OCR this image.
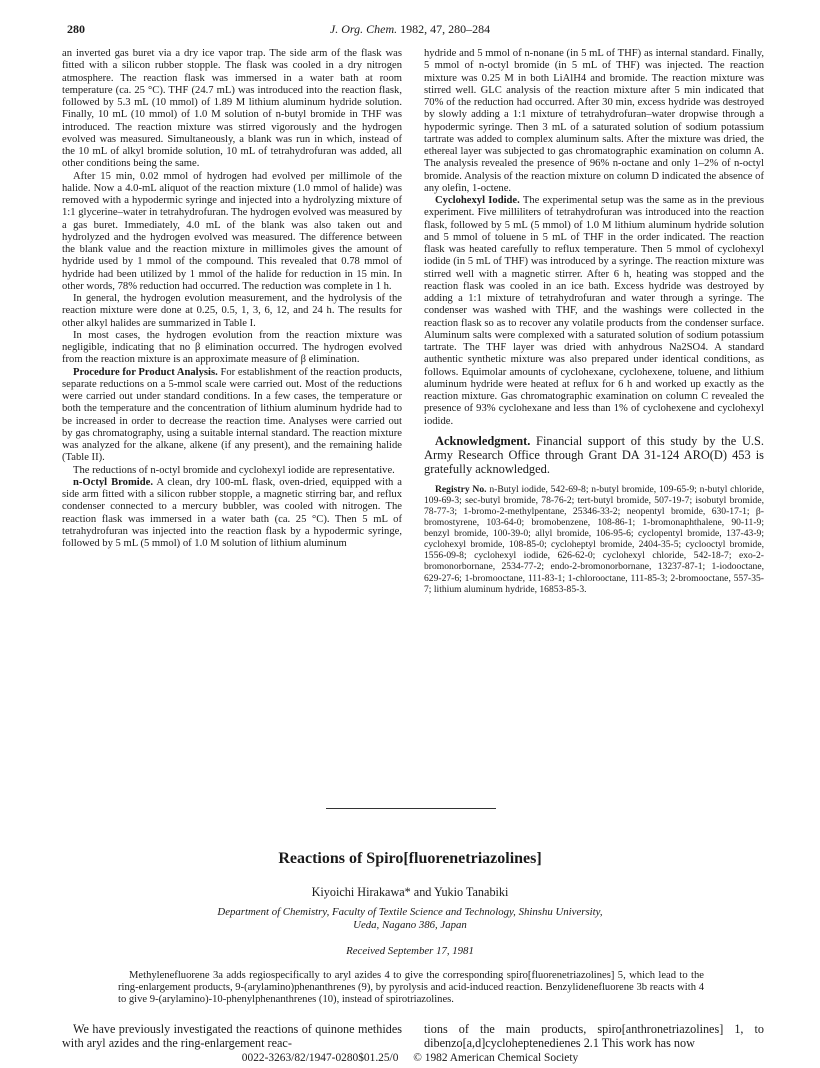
280	J. Org. Chem. 1982, 47, 280–284

an inverted gas buret via a dry ice vapor trap. The side arm of the flask was fitted with a silicon rubber stopple. The flask was cooled in a dry nitrogen atmosphere. The reaction flask was immersed in a water bath at room temperature (ca. 25 °C). THF (24.7 mL) was introduced into the reaction flask, followed by 5.3 mL (10 mmol) of 1.89 M lithium aluminum hydride solution. Finally, 10 mL (10 mmol) of 1.0 M solution of n-butyl bromide in THF was introduced. The reaction mixture was stirred vigorously and the hydrogen evolved was measured. Simultaneously, a blank was run in which, instead of the 10 mL of alkyl bromide solution, 10 mL of tetrahydrofuran was added, all other conditions being the same.

After 15 min, 0.02 mmol of hydrogen had evolved per millimole of the halide. Now a 4.0-mL aliquot of the reaction mixture (1.0 mmol of halide) was removed with a hypodermic syringe and injected into a hydrolyzing mixture of 1:1 glycerine–water in tetrahydrofuran. The hydrogen evolved was measured by a gas buret. Immediately, 4.0 mL of the blank was also taken out and hydrolyzed and the hydrogen evolved was measured. The difference between the blank value and the reaction mixture in millimoles gives the amount of hydride used by 1 mmol of the compound. This revealed that 0.78 mmol of hydride had been utilized by 1 mmol of the halide for reduction in 15 min. In other words, 78% reduction had occurred. The reduction was complete in 1 h.

In general, the hydrogen evolution measurement, and the hydrolysis of the reaction mixture were done at 0.25, 0.5, 1, 3, 6, 12, and 24 h. The results for other alkyl halides are summarized in Table I.

In most cases, the hydrogen evolution from the reaction mixture was negligible, indicating that no β elimination occurred. The hydrogen evolved from the reaction mixture is an approximate measure of β elimination.

Procedure for Product Analysis. For establishment of the reaction products, separate reductions on a 5-mmol scale were carried out. Most of the reductions were carried out under standard conditions. In a few cases, the temperature or both the temperature and the concentration of lithium aluminum hydride had to be increased in order to decrease the reaction time. Analyses were carried out by gas chromatography, using a suitable internal standard. The reaction mixture was analyzed for the alkane, alkene (if any present), and the remaining halide (Table II).

The reductions of n-octyl bromide and cyclohexyl iodide are representative.

n-Octyl Bromide. A clean, dry 100-mL flask, oven-dried, equipped with a side arm fitted with a silicon rubber stopple, a magnetic stirring bar, and reflux condenser connected to a mercury bubbler, was cooled with nitrogen. The reaction flask was immersed in a water bath (ca. 25 °C). Then 5 mL of tetrahydrofuran was injected into the reaction flask by a hypodermic syringe, followed by 5 mL (5 mmol) of 1.0 M solution of lithium aluminum

hydride and 5 mmol of n-nonane (in 5 mL of THF) as internal standard. Finally, 5 mmol of n-octyl bromide (in 5 mL of THF) was injected. The reaction mixture was 0.25 M in both LiAlH4 and bromide. The reaction mixture was stirred well. GLC analysis of the reaction mixture after 5 min indicated that 70% of the reduction had occurred. After 30 min, excess hydride was destroyed by slowly adding a 1:1 mixture of tetrahydrofuran–water dropwise through a hypodermic syringe. Then 3 mL of a saturated solution of sodium potassium tartrate was added to complex aluminum salts. After the mixture was dried, the ethereal layer was subjected to gas chromatographic examination on column A. The analysis revealed the presence of 96% n-octane and only 1–2% of n-octyl bromide. Analysis of the reaction mixture on column D indicated the absence of any olefin, 1-octene.

Cyclohexyl Iodide. The experimental setup was the same as in the previous experiment. Five milliliters of tetrahydrofuran was introduced into the reaction flask, followed by 5 mL (5 mmol) of 1.0 M lithium aluminum hydride solution and 5 mmol of toluene in 5 mL of THF in the order indicated. The reaction flask was heated carefully to reflux temperature. Then 5 mmol of cyclohexyl iodide (in 5 mL of THF) was introduced by a syringe. The reaction mixture was stirred well with a magnetic stirrer. After 6 h, heating was stopped and the reaction flask was cooled in an ice bath. Excess hydride was destroyed by adding a 1:1 mixture of tetrahydrofuran and water through a syringe. The condenser was washed with THF, and the washings were collected in the reaction flask so as to recover any volatile products from the condenser surface. Aluminum salts were complexed with a saturated solution of sodium potassium tartrate. The THF layer was dried with anhydrous Na2SO4. A standard authentic synthetic mixture was also prepared under identical conditions, as follows. Equimolar amounts of cyclohexane, cyclohexene, toluene, and lithium aluminum hydride were heated at reflux for 6 h and worked up exactly as the reaction mixture. Gas chromatographic examination on column C revealed the presence of 93% cyclohexane and less than 1% of cyclohexene and cyclohexyl iodide.

Acknowledgment. Financial support of this study by the U.S. Army Research Office through Grant DA 31-124 ARO(D) 453 is gratefully acknowledged.

Registry No. n-Butyl iodide, 542-69-8; n-butyl bromide, 109-65-9; n-butyl chloride, 109-69-3; sec-butyl bromide, 78-76-2; tert-butyl bromide, 507-19-7; isobutyl bromide, 78-77-3; 1-bromo-2-methylpentane, 25346-33-2; neopentyl bromide, 630-17-1; β-bromostyrene, 103-64-0; bromobenzene, 108-86-1; 1-bromonaphthalene, 90-11-9; benzyl bromide, 100-39-0; allyl bromide, 106-95-6; cyclopentyl bromide, 137-43-9; cyclohexyl bromide, 108-85-0; cycloheptyl bromide, 2404-35-5; cyclooctyl bromide, 1556-09-8; cyclohexyl iodide, 626-62-0; cyclohexyl chloride, 542-18-7; exo-2-bromonorbornane, 2534-77-2; endo-2-bromonorbornane, 13237-87-1; 1-iodooctane, 629-27-6; 1-bromooctane, 111-83-1; 1-chlorooctane, 111-85-3; 2-bromooctane, 557-35-7; lithium aluminum hydride, 16853-85-3.

Reactions of Spiro[fluorenetriazolines]
Kiyoichi Hirakawa* and Yukio Tanabiki
Department of Chemistry, Faculty of Textile Science and Technology, Shinshu University,
Ueda, Nagano 386, Japan
Received September 17, 1981

Methylenefluorene 3a adds regiospecifically to aryl azides 4 to give the corresponding spiro[fluorenetriazolines] 5, which lead to the ring-enlargement products, 9-(arylamino)phenanthrenes (9), by pyrolysis and acid-induced reaction. Benzylidenefluorene 3b reacts with 4 to give 9-(arylamino)-10-phenylphenanthrenes (10), instead of spirotriazolines.

We have previously investigated the reactions of quinone methides with aryl azides and the ring-enlargement reac-

tions of the main products, spiro[anthronetriazolines] 1, to dibenzo[a,d]cycloheptenedienes 2.1 This work has now

0022-3263/82/1947-0280$01.25/0 © 1982 American Chemical Society
